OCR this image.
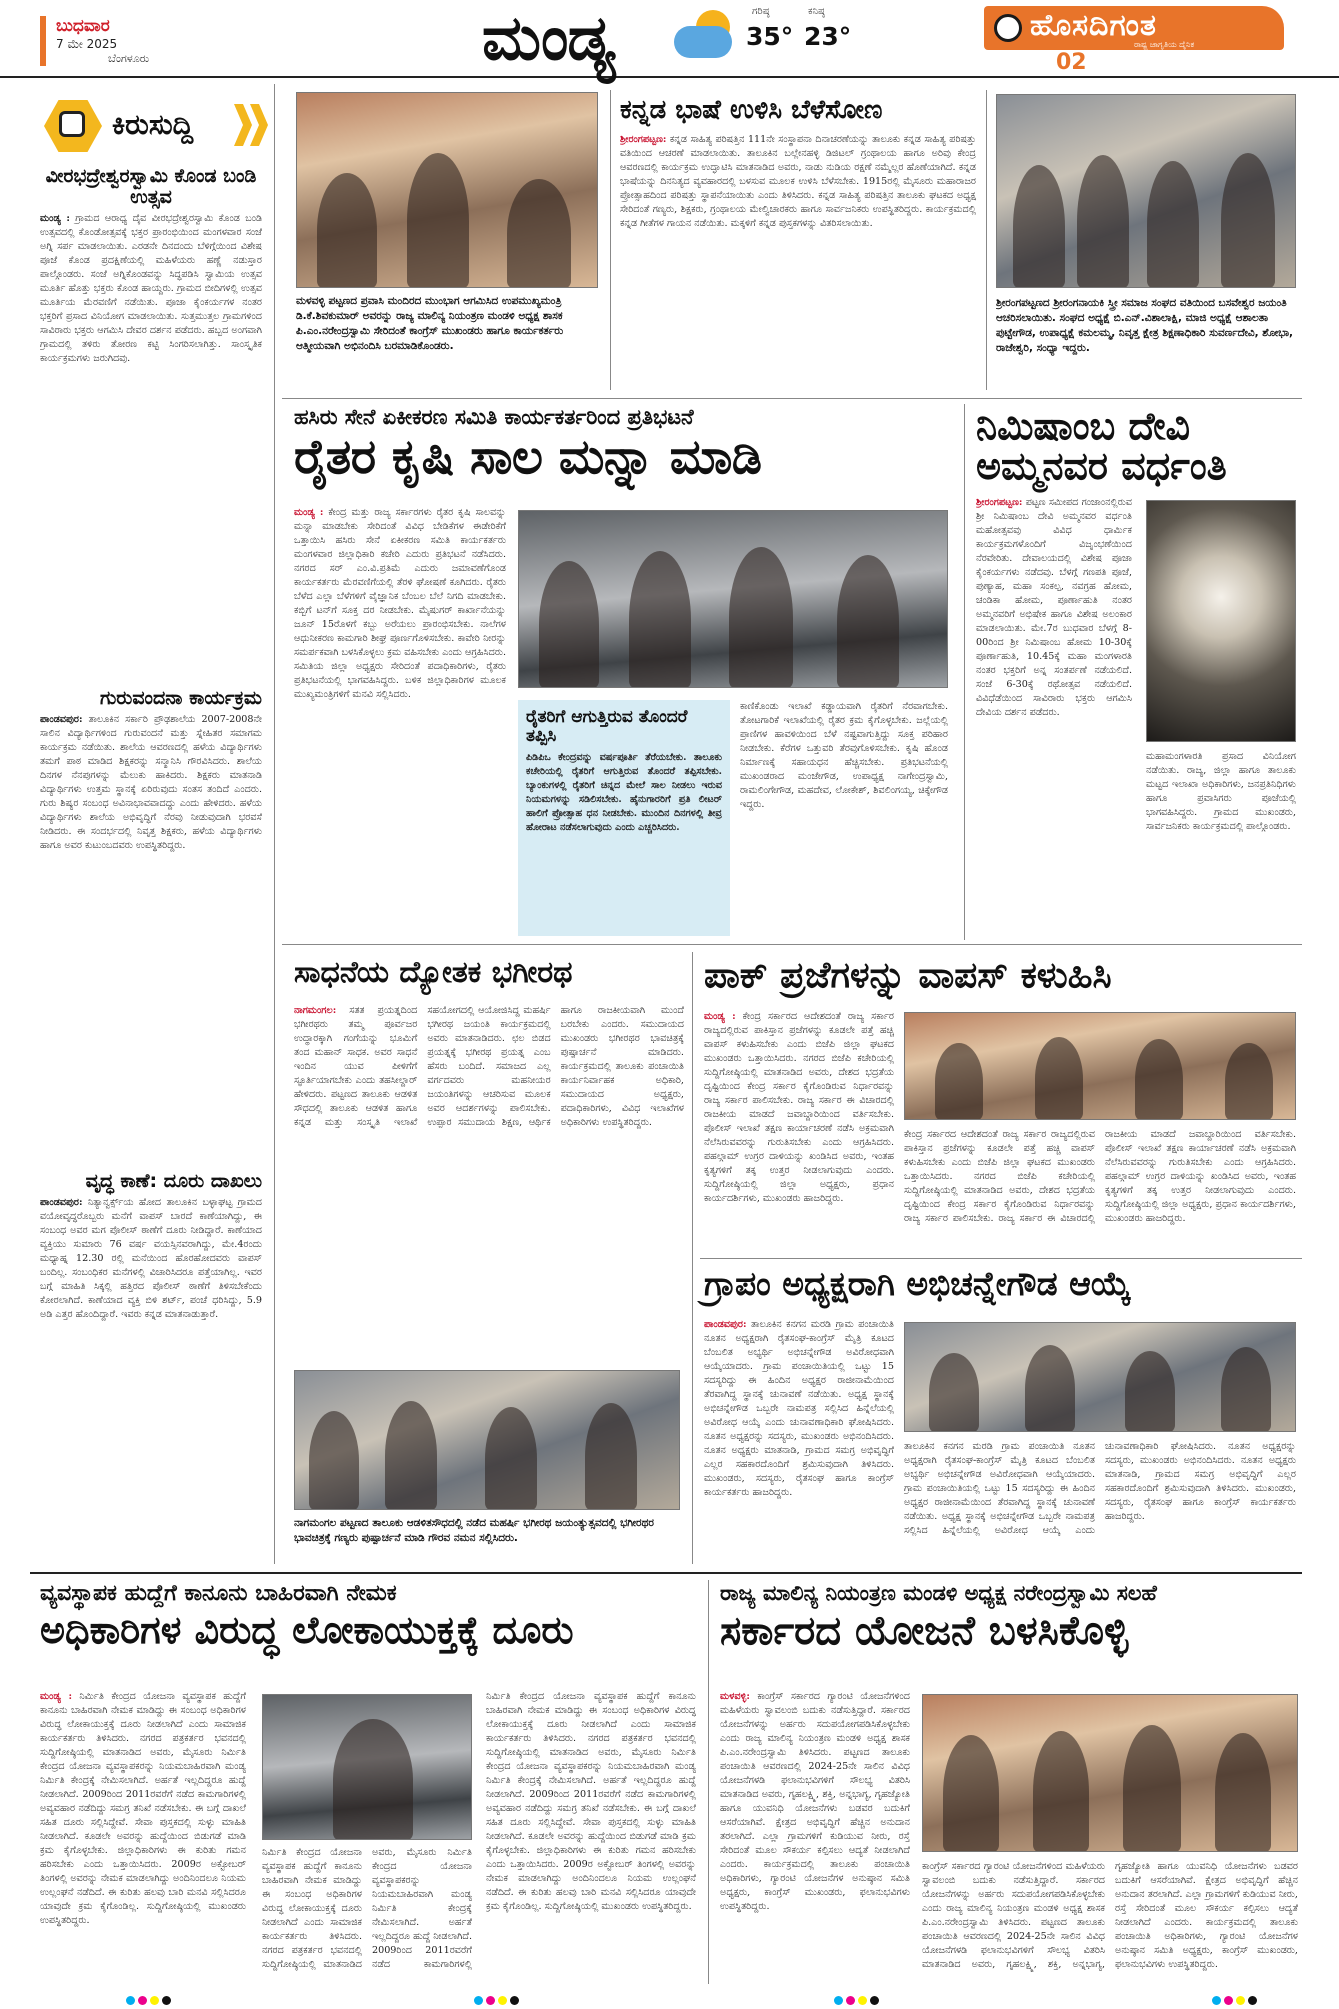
ಬುಧವಾರ
7 ಮೇ 2025
ಬೆಂಗಳೂರು	ಮಂಡ್ಯ	ಗರಿಷ್ಠ
35°
ಕನಿಷ್ಠ
23°	ಹೊಸದಿಗಂತ
ರಾಷ್ಟ್ರ ಜಾಗೃತಿಯ ದೈನಿಕ
02
ಕಿರುಸುದ್ದಿ
ವೀರಭದ್ರೇಶ್ವರಸ್ವಾಮಿ ಕೊಂಡ ಬಂಡಿ ಉತ್ಸವ
ಮಂಡ್ಯ : ಗ್ರಾಮದ ಆರಾಧ್ಯ ದೈವ ವೀರಭದ್ರೇಶ್ವರಸ್ವಾಮಿ ಕೊಂಡ ಬಂಡಿ ಉತ್ಸವದಲ್ಲಿ ಕೊಂಡೋತ್ಸವಕ್ಕೆ ಭಕ್ತರ ಪ್ರಾರಂಭಿಯಿಂದ ಮಂಗಳವಾರ ಸಂಜೆ ಅಗ್ನಿ ಸರ್ಪ ಮಾಡಲಾಯಿತು. ಎರಡನೇ ದಿನದಂದು ಬೆಳಿಗ್ಗೆಯಿಂದ ವಿಶೇಷ ಪೂಜೆ ಕೊಂಡ ಪ್ರದಕ್ಷಿಣೆಯಲ್ಲಿ ಮಹಿಳೆಯರು ಹಣ್ಣೆ ನಡುಸ್ತಾರ ಪಾಲ್ಗೊಂಡರು. ಸಂಜೆ ಅಗ್ನಿಕೊಂಡವನ್ನು ಸಿದ್ಧಪಡಿಸಿ ಸ್ವಾಮಿಯ ಉತ್ಸವ ಮೂರ್ತಿ ಹೊತ್ತು ಭಕ್ತರು ಕೊಂಡ ಹಾಯ್ದರು. ಗ್ರಾಮದ ಬೀದಿಗಳಲ್ಲಿ ಉತ್ಸವ ಮೂರ್ತಿಯ ಮೆರವಣಿಗೆ ನಡೆಯಿತು. ಪೂಜಾ ಕೈಂಕರ್ಯಗಳ ನಂತರ ಭಕ್ತರಿಗೆ ಪ್ರಸಾದ ವಿನಿಯೋಗ ಮಾಡಲಾಯಿತು. ಸುತ್ತಮುತ್ತಲ ಗ್ರಾಮಗಳಿಂದ ಸಾವಿರಾರು ಭಕ್ತರು ಆಗಮಿಸಿ ದೇವರ ದರ್ಶನ ಪಡೆದರು. ಹಬ್ಬದ ಅಂಗವಾಗಿ ಗ್ರಾಮದಲ್ಲಿ ತಳಿರು ತೋರಣ ಕಟ್ಟಿ ಸಿಂಗರಿಸಲಾಗಿತ್ತು. ಸಾಂಸ್ಕೃತಿಕ ಕಾರ್ಯಕ್ರಮಗಳು ಜರುಗಿದವು.
ಗುರುವಂದನಾ ಕಾರ್ಯಕ್ರಮ
ಪಾಂಡವಪುರ: ತಾಲೂಕಿನ ಸರ್ಕಾರಿ ಪ್ರೌಢಶಾಲೆಯ 2007-2008ನೇ ಸಾಲಿನ ವಿದ್ಯಾರ್ಥಿಗಳಿಂದ ಗುರುವಂದನೆ ಮತ್ತು ಸ್ನೇಹಿತರ ಸಮಾಗಮ ಕಾರ್ಯಕ್ರಮ ನಡೆಯಿತು. ಶಾಲೆಯ ಆವರಣದಲ್ಲಿ ಹಳೆಯ ವಿದ್ಯಾರ್ಥಿಗಳು ತಮಗೆ ಪಾಠ ಮಾಡಿದ ಶಿಕ್ಷಕರನ್ನು ಸನ್ಮಾನಿಸಿ ಗೌರವಿಸಿದರು. ಶಾಲೆಯ ದಿನಗಳ ನೆನಪುಗಳನ್ನು ಮೆಲುಕು ಹಾಕಿದರು. ಶಿಕ್ಷಕರು ಮಾತನಾಡಿ ವಿದ್ಯಾರ್ಥಿಗಳು ಉತ್ತಮ ಸ್ಥಾನಕ್ಕೆ ಏರಿರುವುದು ಸಂತಸ ತಂದಿದೆ ಎಂದರು. ಗುರು ಶಿಷ್ಯರ ಸಂಬಂಧ ಅವಿನಾಭಾವವಾದದ್ದು ಎಂದು ಹೇಳಿದರು. ಹಳೆಯ ವಿದ್ಯಾರ್ಥಿಗಳು ಶಾಲೆಯ ಅಭಿವೃದ್ಧಿಗೆ ನೆರವು ನೀಡುವುದಾಗಿ ಭರವಸೆ ನೀಡಿದರು. ಈ ಸಂದರ್ಭದಲ್ಲಿ ನಿವೃತ್ತ ಶಿಕ್ಷಕರು, ಹಳೆಯ ವಿದ್ಯಾರ್ಥಿಗಳು ಹಾಗೂ ಅವರ ಕುಟುಂಬದವರು ಉಪಸ್ಥಿತರಿದ್ದರು.
ವೃದ್ಧ ಕಾಣೆ: ದೂರು ದಾಖಲು
ಪಾಂಡವಪುರ: ನಿತ್ಯಾನ್ವರ್ಕ್ಸ್‌ಯ ಹೋದ ತಾಲೂಕಿನ ಬಳ್ಳಾಘಟ್ಟ ಗ್ರಾಮದ ವಯೋವೃದ್ಧರೊಬ್ಬರು ಮನೆಗೆ ವಾಪಸ್ ಬಾರದೆ ಕಾಣೆಯಾಗಿದ್ದು, ಈ ಸಂಬಂಧ ಅವರ ಮಗ ಪೊಲೀಸ್ ಠಾಣೆಗೆ ದೂರು ನೀಡಿದ್ದಾರೆ. ಕಾಣೆಯಾದ ವ್ಯಕ್ತಿಯು ಸುಮಾರು 76 ವರ್ಷ ವಯಸ್ಸಿನವರಾಗಿದ್ದು, ಮೇ.4ರಂದು ಮಧ್ಯಾಹ್ನ 12.30 ರಲ್ಲಿ ಮನೆಯಿಂದ ಹೊರಹೋದವರು ವಾಪಸ್ ಬಂದಿಲ್ಲ. ಸಂಬಂಧಿಕರ ಮನೆಗಳಲ್ಲಿ ವಿಚಾರಿಸಿದರೂ ಪತ್ತೆಯಾಗಿಲ್ಲ. ಇವರ ಬಗ್ಗೆ ಮಾಹಿತಿ ಸಿಕ್ಕಲ್ಲಿ ಹತ್ತಿರದ ಪೊಲೀಸ್ ಠಾಣೆಗೆ ತಿಳಿಸಬೇಕೆಂದು ಕೋರಲಾಗಿದೆ. ಕಾಣೆಯಾದ ವ್ಯಕ್ತಿ ಬಿಳಿ ಶರ್ಟ್, ಪಂಚೆ ಧರಿಸಿದ್ದು, 5.9 ಅಡಿ ಎತ್ತರ ಹೊಂದಿದ್ದಾರೆ. ಇವರು ಕನ್ನಡ ಮಾತನಾಡುತ್ತಾರೆ.
ಮಳವಳ್ಳಿ ಪಟ್ಟಣದ ಪ್ರವಾಸಿ ಮಂದಿರದ ಮುಂಭಾಗ ಆಗಮಿಸಿದ ಉಪಮುಖ್ಯಮಂತ್ರಿ ಡಿ.ಕೆ.ಶಿವಕುಮಾರ್ ಅವರನ್ನು ರಾಜ್ಯ ಮಾಲಿನ್ಯ ನಿಯಂತ್ರಣ ಮಂಡಳಿ ಅಧ್ಯಕ್ಷ ಶಾಸಕ ಪಿ.ಎಂ.ನರೇಂದ್ರಸ್ವಾಮಿ ಸೇರಿದಂತೆ ಕಾಂಗ್ರೆಸ್ ಮುಖಂಡರು ಹಾಗೂ ಕಾರ್ಯಕರ್ತರು ಆತ್ಮೀಯವಾಗಿ ಅಭಿನಂದಿಸಿ ಬರಮಾಡಿಕೊಂಡರು.
ಕನ್ನಡ ಭಾಷೆ ಉಳಿಸಿ ಬೆಳೆಸೋಣ
ಶ್ರೀರಂಗಪಟ್ಟಣ: ಕನ್ನಡ ಸಾಹಿತ್ಯ ಪರಿಷತ್ತಿನ 111ನೇ ಸಂಸ್ಥಾಪನಾ ದಿನಾಚರಣೆಯನ್ನು ತಾಲೂಕು ಕನ್ನಡ ಸಾಹಿತ್ಯ ಪರಿಷತ್ತು ವತಿಯಿಂದ ಆಚರಣೆ ಮಾಡಲಾಯಿತು. ತಾಲೂಕಿನ ಬಲ್ಲೇನಹಳ್ಳಿ ಡಿಜಿಟಲ್ ಗ್ರಂಥಾಲಯ ಹಾಗೂ ಅರಿವು ಕೇಂದ್ರ ಆವರಣದಲ್ಲಿ ಕಾರ್ಯಕ್ರಮ ಉದ್ಘಾಟಿಸಿ ಮಾತನಾಡಿದ ಅವರು, ನಾಡು ನುಡಿಯ ರಕ್ಷಣೆ ನಮ್ಮೆಲ್ಲರ ಹೊಣೆಯಾಗಿದೆ. ಕನ್ನಡ ಭಾಷೆಯನ್ನು ದಿನನಿತ್ಯದ ವ್ಯವಹಾರದಲ್ಲಿ ಬಳಸುವ ಮೂಲಕ ಉಳಿಸಿ ಬೆಳೆಸಬೇಕು. 1915ರಲ್ಲಿ ಮೈಸೂರು ಮಹಾರಾಜರ ಪ್ರೋತ್ಸಾಹದಿಂದ ಪರಿಷತ್ತು ಸ್ಥಾಪನೆಯಾಯಿತು ಎಂದು ತಿಳಿಸಿದರು. ಕನ್ನಡ ಸಾಹಿತ್ಯ ಪರಿಷತ್ತಿನ ತಾಲೂಕು ಘಟಕದ ಅಧ್ಯಕ್ಷ ಸೇರಿದಂತೆ ಗಣ್ಯರು, ಶಿಕ್ಷಕರು, ಗ್ರಂಥಾಲಯ ಮೇಲ್ವಿಚಾರಕರು ಹಾಗೂ ಸಾರ್ವಜನಿಕರು ಉಪಸ್ಥಿತರಿದ್ದರು. ಕಾರ್ಯಕ್ರಮದಲ್ಲಿ ಕನ್ನಡ ಗೀತೆಗಳ ಗಾಯನ ನಡೆಯಿತು. ಮಕ್ಕಳಿಗೆ ಕನ್ನಡ ಪುಸ್ತಕಗಳನ್ನು ವಿತರಿಸಲಾಯಿತು.
ಶ್ರೀರಂಗಪಟ್ಟಣದ ಶ್ರೀರಂಗನಾಯಕಿ ಸ್ತ್ರೀ ಸಮಾಜ ಸಂಘದ ವತಿಯಿಂದ ಬಸವೇಶ್ವರ ಜಯಂತಿ ಆಚರಿಸಲಾಯಿತು. ಸಂಘದ ಅಧ್ಯಕ್ಷೆ ಬಿ.ಎನ್.ವಿಶಾಲಾಕ್ಷಿ, ಮಾಜಿ ಅಧ್ಯಕ್ಷೆ ಆಶಾಲತಾ ಪುಟ್ಟೇಗೌಡ, ಉಪಾಧ್ಯಕ್ಷೆ ಕಮಲಮ್ಮ, ನಿವೃತ್ತ ಕ್ಷೇತ್ರ ಶಿಕ್ಷಣಾಧಿಕಾರಿ ಸುವರ್ಣದೇವಿ, ಶೋಭಾ, ರಾಜೇಶ್ವರಿ, ಸಂಧ್ಯಾ ಇದ್ದರು.
ಹಸಿರು ಸೇನೆ ಏಕೀಕರಣ ಸಮಿತಿ ಕಾರ್ಯಕರ್ತರಿಂದ ಪ್ರತಿಭಟನೆ
ರೈತರ ಕೃಷಿ ಸಾಲ ಮನ್ನಾ ಮಾಡಿ
ಮಂಡ್ಯ : ಕೇಂದ್ರ ಮತ್ತು ರಾಜ್ಯ ಸರ್ಕಾರಗಳು ರೈತರ ಕೃಷಿ ಸಾಲವನ್ನು ಮನ್ನಾ ಮಾಡಬೇಕು ಸೇರಿದಂತೆ ವಿವಿಧ ಬೇಡಿಕೆಗಳ ಈಡೇರಿಕೆಗೆ ಒತ್ತಾಯಿಸಿ ಹಸಿರು ಸೇನೆ ಏಕೀಕರಣ ಸಮಿತಿ ಕಾರ್ಯಕರ್ತರು ಮಂಗಳವಾರ ಜಿಲ್ಲಾಧಿಕಾರಿ ಕಚೇರಿ ಎದುರು ಪ್ರತಿಭಟನೆ ನಡೆಸಿದರು. ನಗರದ ಸರ್ ಎಂ.ವಿ.ಪ್ರತಿಮೆ ಎದುರು ಜಮಾವಣೆಗೊಂಡ ಕಾರ್ಯಕರ್ತರು ಮೆರವಣಿಗೆಯಲ್ಲಿ ತೆರಳಿ ಘೋಷಣೆ ಕೂಗಿದರು. ರೈತರು ಬೆಳೆದ ಎಲ್ಲಾ ಬೆಳೆಗಳಿಗೆ ವೈಜ್ಞಾನಿಕ ಬೆಂಬಲ ಬೆಲೆ ನಿಗದಿ ಮಾಡಬೇಕು. ಕಬ್ಬಿಗೆ ಟನ್‌ಗೆ ಸೂಕ್ತ ದರ ನೀಡಬೇಕು. ಮೈಷುಗರ್ ಕಾರ್ಖಾನೆಯನ್ನು ಜೂನ್ 15ರೊಳಗೆ ಕಬ್ಬು ಅರೆಯಲು ಪ್ರಾರಂಭಿಸಬೇಕು. ನಾಲೆಗಳ ಆಧುನೀಕರಣ ಕಾಮಗಾರಿ ಶೀಘ್ರ ಪೂರ್ಣಗೊಳಿಸಬೇಕು. ಕಾವೇರಿ ನೀರನ್ನು ಸಮರ್ಪಕವಾಗಿ ಬಳಸಿಕೊಳ್ಳಲು ಕ್ರಮ ವಹಿಸಬೇಕು ಎಂದು ಆಗ್ರಹಿಸಿದರು. ಸಮಿತಿಯ ಜಿಲ್ಲಾ ಅಧ್ಯಕ್ಷರು ಸೇರಿದಂತೆ ಪದಾಧಿಕಾರಿಗಳು, ರೈತರು ಪ್ರತಿಭಟನೆಯಲ್ಲಿ ಭಾಗವಹಿಸಿದ್ದರು. ಬಳಿಕ ಜಿಲ್ಲಾಧಿಕಾರಿಗಳ ಮೂಲಕ ಮುಖ್ಯಮಂತ್ರಿಗಳಿಗೆ ಮನವಿ ಸಲ್ಲಿಸಿದರು.
ರೈತರಿಗೆ ಆಗುತ್ತಿರುವ ತೊಂದರೆ ತಪ್ಪಿಸಿ
ಪಿಡಿಪಿಒ ಕೇಂದ್ರವನ್ನು ವರ್ಷಪೂರ್ತಿ ತೆರೆಯಬೇಕು. ತಾಲೂಕು ಕಚೇರಿಯಲ್ಲಿ ರೈತರಿಗೆ ಆಗುತ್ತಿರುವ ತೊಂದರೆ ತಪ್ಪಿಸಬೇಕು. ಬ್ಯಾಂಕುಗಳಲ್ಲಿ ರೈತರಿಗೆ ಚಿನ್ನದ ಮೇಲೆ ಸಾಲ ನೀಡಲು ಇರುವ ನಿಯಮಗಳನ್ನು ಸಡಿಲಿಸಬೇಕು. ಹೈನುಗಾರರಿಗೆ ಪ್ರತಿ ಲೀಟರ್ ಹಾಲಿಗೆ ಪ್ರೋತ್ಸಾಹ ಧನ ನೀಡಬೇಕು. ಮುಂದಿನ ದಿನಗಳಲ್ಲಿ ತೀವ್ರ ಹೋರಾಟ ನಡೆಸಲಾಗುವುದು ಎಂದು ಎಚ್ಚರಿಸಿದರು.
ಕಾಣಿಕೊಂಡು ಇಲಾಖೆ ಕಡ್ಡಾಯವಾಗಿ ರೈತರಿಗೆ ನೆರವಾಗಬೇಕು. ತೋಟಗಾರಿಕೆ ಇಲಾಖೆಯಲ್ಲಿ ರೈತರ ಕ್ರಮ ಕೈಗೊಳ್ಳಬೇಕು. ಜಲ್ಲೆಯಲ್ಲಿ ಪ್ರಾಣಿಗಳ ಹಾವಳಿಯಿಂದ ಬೆಳೆ ನಷ್ಟವಾಗುತ್ತಿದ್ದು ಸೂಕ್ತ ಪರಿಹಾರ ನೀಡಬೇಕು. ಕೆರೆಗಳ ಒತ್ತುವರಿ ತೆರವುಗೊಳಿಸಬೇಕು. ಕೃಷಿ ಹೊಂಡ ನಿರ್ಮಾಣಕ್ಕೆ ಸಹಾಯಧನ ಹೆಚ್ಚಿಸಬೇಕು. ಪ್ರತಿಭಟನೆಯಲ್ಲಿ ಮುಖಂಡರಾದ ಮಂಜೇಗೌಡ, ಉಪಾಧ್ಯಕ್ಷ ನಾಗೇಂದ್ರಸ್ವಾಮಿ, ರಾಮಲಿಂಗೇಗೌಡ, ಮಹದೇವ, ಲೋಕೇಶ್, ಶಿವಲಿಂಗಯ್ಯ, ಚಿಕ್ಕೇಗೌಡ ಇದ್ದರು.
ನಿಮಿಷಾಂಬ ದೇವಿ ಅಮ್ಮನವರ ವರ್ಧಂತಿ
ಶ್ರೀರಂಗಪಟ್ಟಣ: ಪಟ್ಟಣ ಸಮೀಪದ ಗಂಜಾಂನಲ್ಲಿರುವ ಶ್ರೀ ನಿಮಿಷಾಂಬ ದೇವಿ ಅಮ್ಮನವರ ವರ್ಧಂತಿ ಮಹೋತ್ಸವವು ವಿವಿಧ ಧಾರ್ಮಿಕ ಕಾರ್ಯಕ್ರಮಗಳೊಂದಿಗೆ ವಿಜೃಂಭಣೆಯಿಂದ ನೆರವೇರಿತು. ದೇವಾಲಯದಲ್ಲಿ ವಿಶೇಷ ಪೂಜಾ ಕೈಂಕರ್ಯಗಳು ನಡೆದವು. ಬೆಳಗ್ಗೆ ಗಣಪತಿ ಪೂಜೆ, ಪುಣ್ಯಾಹ, ಮಹಾ ಸಂಕಲ್ಪ, ನವಗ್ರಹ ಹೋಮ, ಚಂಡಿಕಾ ಹೋಮ, ಪೂರ್ಣಾಹುತಿ ನಂತರ ಅಮ್ಮನವರಿಗೆ ಅಭಿಷೇಕ ಹಾಗೂ ವಿಶೇಷ ಅಲಂಕಾರ ಮಾಡಲಾಯಿತು. ಮೇ.7ರ ಬುಧವಾರ ಬೆಳಗ್ಗೆ 8-00ರಿಂದ ಶ್ರೀ ನಿಮಿಷಾಂಬ ಹೋಮ 10-30ಕ್ಕೆ ಪೂರ್ಣಾಹುತಿ, 10.45ಕ್ಕೆ ಮಹಾ ಮಂಗಳಾರತಿ ನಂತರ ಭಕ್ತರಿಗೆ ಅನ್ನ ಸಂತರ್ಪಣೆ ನಡೆಯಲಿದೆ. ಸಂಜೆ 6-30ಕ್ಕೆ ರಥೋತ್ಸವ ನಡೆಯಲಿದೆ. ವಿವಿಧೆಡೆಯಿಂದ ಸಾವಿರಾರು ಭಕ್ತರು ಆಗಮಿಸಿ ದೇವಿಯ ದರ್ಶನ ಪಡೆದರು.
ಮಹಾಮಂಗಳಾರತಿ ಪ್ರಸಾದ ವಿನಿಯೋಗ ನಡೆಯಿತು. ರಾಜ್ಯ, ಜಿಲ್ಲಾ ಹಾಗೂ ತಾಲೂಕು ಮಟ್ಟದ ಇಲಾಖಾ ಅಧಿಕಾರಿಗಳು, ಜನಪ್ರತಿನಿಧಿಗಳು ಹಾಗೂ ಪ್ರವಾಸಿಗರು ಪೂಜೆಯಲ್ಲಿ ಭಾಗವಹಿಸಿದ್ದರು. ಗ್ರಾಮದ ಮುಖಂಡರು, ಸಾರ್ವಜನಿಕರು ಕಾರ್ಯಕ್ರಮದಲ್ಲಿ ಪಾಲ್ಗೊಂಡರು.
ಸಾಧನೆಯ ದ್ಯೋತಕ ಭಗೀರಥ
ನಾಗಮಂಗಲ: ಸತತ ಪ್ರಯತ್ನದಿಂದ ಭಗೀರಥರು ತಮ್ಮ ಪೂರ್ವಜರ ಉದ್ಧಾರಕ್ಕಾಗಿ ಗಂಗೆಯನ್ನು ಭೂಮಿಗೆ ತಂದ ಮಹಾನ್ ಸಾಧಕ. ಅವರ ಸಾಧನೆ ಇಂದಿನ ಯುವ ಪೀಳಿಗೆಗೆ ಸ್ಫೂರ್ತಿಯಾಗಬೇಕು ಎಂದು ತಹಸೀಲ್ದಾರ್ ಹೇಳಿದರು. ಪಟ್ಟಣದ ತಾಲೂಕು ಆಡಳಿತ ಸೌಧದಲ್ಲಿ ತಾಲೂಕು ಆಡಳಿತ ಹಾಗೂ ಕನ್ನಡ ಮತ್ತು ಸಂಸ್ಕೃತಿ ಇಲಾಖೆ ಸಹಯೋಗದಲ್ಲಿ ಆಯೋಜಿಸಿದ್ದ ಮಹರ್ಷಿ ಭಗೀರಥ ಜಯಂತಿ ಕಾರ್ಯಕ್ರಮದಲ್ಲಿ ಅವರು ಮಾತನಾಡಿದರು. ಛಲ ಬಿಡದ ಪ್ರಯತ್ನಕ್ಕೆ ಭಗೀರಥ ಪ್ರಯತ್ನ ಎಂಬ ಹೆಸರು ಬಂದಿದೆ. ಸಮಾಜದ ಎಲ್ಲ ವರ್ಗದವರು ಮಹನೀಯರ ಜಯಂತಿಗಳನ್ನು ಆಚರಿಸುವ ಮೂಲಕ ಅವರ ಆದರ್ಶಗಳನ್ನು ಪಾಲಿಸಬೇಕು. ಉಪ್ಪಾರ ಸಮುದಾಯ ಶಿಕ್ಷಣ, ಆರ್ಥಿಕ ಹಾಗೂ ರಾಜಕೀಯವಾಗಿ ಮುಂದೆ ಬರಬೇಕು ಎಂದರು. ಸಮುದಾಯದ ಮುಖಂಡರು ಭಗೀರಥರ ಭಾವಚಿತ್ರಕ್ಕೆ ಪುಷ್ಪಾರ್ಚನೆ ಮಾಡಿದರು. ಕಾರ್ಯಕ್ರಮದಲ್ಲಿ ತಾಲೂಕು ಪಂಚಾಯಿತಿ ಕಾರ್ಯನಿರ್ವಾಹಕ ಅಧಿಕಾರಿ, ಸಮುದಾಯದ ಅಧ್ಯಕ್ಷರು, ಪದಾಧಿಕಾರಿಗಳು, ವಿವಿಧ ಇಲಾಖೆಗಳ ಅಧಿಕಾರಿಗಳು ಉಪಸ್ಥಿತರಿದ್ದರು.
ನಾಗಮಂಗಲ ಪಟ್ಟಣದ ತಾಲೂಕು ಆಡಳಿತಸೌಧದಲ್ಲಿ ನಡೆದ ಮಹರ್ಷಿ ಭಗೀರಥ ಜಯಂತ್ಯುತ್ಸವದಲ್ಲಿ ಭಗೀರಥರ ಭಾವಚಿತ್ರಕ್ಕೆ ಗಣ್ಯರು ಪುಷ್ಪಾರ್ಚನೆ ಮಾಡಿ ಗೌರವ ನಮನ ಸಲ್ಲಿಸಿದರು.
ಪಾಕ್ ಪ್ರಜೆಗಳನ್ನು ವಾಪಸ್ ಕಳುಹಿಸಿ
ಮಂಡ್ಯ : ಕೇಂದ್ರ ಸರ್ಕಾರದ ಆದೇಶದಂತೆ ರಾಜ್ಯ ಸರ್ಕಾರ ರಾಜ್ಯದಲ್ಲಿರುವ ಪಾಕಿಸ್ತಾನ ಪ್ರಜೆಗಳನ್ನು ಕೂಡಲೇ ಪತ್ತೆ ಹಚ್ಚಿ ವಾಪಸ್ ಕಳುಹಿಸಬೇಕು ಎಂದು ಬಿಜೆಪಿ ಜಿಲ್ಲಾ ಘಟಕದ ಮುಖಂಡರು ಒತ್ತಾಯಿಸಿದರು. ನಗರದ ಬಿಜೆಪಿ ಕಚೇರಿಯಲ್ಲಿ ಸುದ್ದಿಗೋಷ್ಠಿಯಲ್ಲಿ ಮಾತನಾಡಿದ ಅವರು, ದೇಶದ ಭದ್ರತೆಯ ದೃಷ್ಟಿಯಿಂದ ಕೇಂದ್ರ ಸರ್ಕಾರ ಕೈಗೊಂಡಿರುವ ನಿರ್ಧಾರವನ್ನು ರಾಜ್ಯ ಸರ್ಕಾರ ಪಾಲಿಸಬೇಕು. ರಾಜ್ಯ ಸರ್ಕಾರ ಈ ವಿಚಾರದಲ್ಲಿ ರಾಜಕೀಯ ಮಾಡದೆ ಜವಾಬ್ದಾರಿಯಿಂದ ವರ್ತಿಸಬೇಕು. ಪೊಲೀಸ್ ಇಲಾಖೆ ತಕ್ಷಣ ಕಾರ್ಯಾಚರಣೆ ನಡೆಸಿ ಅಕ್ರಮವಾಗಿ ನೆಲೆಸಿರುವವರನ್ನು ಗುರುತಿಸಬೇಕು ಎಂದು ಆಗ್ರಹಿಸಿದರು. ಪಹಲ್ಗಾಮ್ ಉಗ್ರರ ದಾಳಿಯನ್ನು ಖಂಡಿಸಿದ ಅವರು, ಇಂತಹ ಕೃತ್ಯಗಳಿಗೆ ತಕ್ಕ ಉತ್ತರ ನೀಡಲಾಗುವುದು ಎಂದರು. ಸುದ್ದಿಗೋಷ್ಠಿಯಲ್ಲಿ ಜಿಲ್ಲಾ ಅಧ್ಯಕ್ಷರು, ಪ್ರಧಾನ ಕಾರ್ಯದರ್ಶಿಗಳು, ಮುಖಂಡರು ಹಾಜರಿದ್ದರು.
ಕೇಂದ್ರ ಸರ್ಕಾರದ ಆದೇಶದಂತೆ ರಾಜ್ಯ ಸರ್ಕಾರ ರಾಜ್ಯದಲ್ಲಿರುವ ಪಾಕಿಸ್ತಾನ ಪ್ರಜೆಗಳನ್ನು ಕೂಡಲೇ ಪತ್ತೆ ಹಚ್ಚಿ ವಾಪಸ್ ಕಳುಹಿಸಬೇಕು ಎಂದು ಬಿಜೆಪಿ ಜಿಲ್ಲಾ ಘಟಕದ ಮುಖಂಡರು ಒತ್ತಾಯಿಸಿದರು. ನಗರದ ಬಿಜೆಪಿ ಕಚೇರಿಯಲ್ಲಿ ಸುದ್ದಿಗೋಷ್ಠಿಯಲ್ಲಿ ಮಾತನಾಡಿದ ಅವರು, ದೇಶದ ಭದ್ರತೆಯ ದೃಷ್ಟಿಯಿಂದ ಕೇಂದ್ರ ಸರ್ಕಾರ ಕೈಗೊಂಡಿರುವ ನಿರ್ಧಾರವನ್ನು ರಾಜ್ಯ ಸರ್ಕಾರ ಪಾಲಿಸಬೇಕು. ರಾಜ್ಯ ಸರ್ಕಾರ ಈ ವಿಚಾರದಲ್ಲಿ ರಾಜಕೀಯ ಮಾಡದೆ ಜವಾಬ್ದಾರಿಯಿಂದ ವರ್ತಿಸಬೇಕು. ಪೊಲೀಸ್ ಇಲಾಖೆ ತಕ್ಷಣ ಕಾರ್ಯಾಚರಣೆ ನಡೆಸಿ ಅಕ್ರಮವಾಗಿ ನೆಲೆಸಿರುವವರನ್ನು ಗುರುತಿಸಬೇಕು ಎಂದು ಆಗ್ರಹಿಸಿದರು. ಪಹಲ್ಗಾಮ್ ಉಗ್ರರ ದಾಳಿಯನ್ನು ಖಂಡಿಸಿದ ಅವರು, ಇಂತಹ ಕೃತ್ಯಗಳಿಗೆ ತಕ್ಕ ಉತ್ತರ ನೀಡಲಾಗುವುದು ಎಂದರು. ಸುದ್ದಿಗೋಷ್ಠಿಯಲ್ಲಿ ಜಿಲ್ಲಾ ಅಧ್ಯಕ್ಷರು, ಪ್ರಧಾನ ಕಾರ್ಯದರ್ಶಿಗಳು, ಮುಖಂಡರು ಹಾಜರಿದ್ದರು.
ಗ್ರಾಪಂ ಅಧ್ಯಕ್ಷರಾಗಿ ಅಭಿಚನ್ನೇಗೌಡ ಆಯ್ಕೆ
ಪಾಂಡವಪುರ: ತಾಲೂಕಿನ ಕನಗನ ಮರಡಿ ಗ್ರಾಮ ಪಂಚಾಯಿತಿ ನೂತನ ಅಧ್ಯಕ್ಷರಾಗಿ ರೈತಸಂಘ-ಕಾಂಗ್ರೆಸ್ ಮೈತ್ರಿ ಕೂಟದ ಬೆಂಬಲಿತ ಅಭ್ಯರ್ಥಿ ಅಭಿಚನ್ನೇಗೌಡ ಅವಿರೋಧವಾಗಿ ಆಯ್ಕೆಯಾದರು. ಗ್ರಾಮ ಪಂಚಾಯಿತಿಯಲ್ಲಿ ಒಟ್ಟು 15 ಸದಸ್ಯರಿದ್ದು ಈ ಹಿಂದಿನ ಅಧ್ಯಕ್ಷರ ರಾಜೀನಾಮೆಯಿಂದ ತೆರವಾಗಿದ್ದ ಸ್ಥಾನಕ್ಕೆ ಚುನಾವಣೆ ನಡೆಯಿತು. ಅಧ್ಯಕ್ಷ ಸ್ಥಾನಕ್ಕೆ ಅಭಿಚನ್ನೇಗೌಡ ಒಬ್ಬರೇ ನಾಮಪತ್ರ ಸಲ್ಲಿಸಿದ ಹಿನ್ನೆಲೆಯಲ್ಲಿ ಅವಿರೋಧ ಆಯ್ಕೆ ಎಂದು ಚುನಾವಣಾಧಿಕಾರಿ ಘೋಷಿಸಿದರು. ನೂತನ ಅಧ್ಯಕ್ಷರನ್ನು ಸದಸ್ಯರು, ಮುಖಂಡರು ಅಭಿನಂದಿಸಿದರು. ನೂತನ ಅಧ್ಯಕ್ಷರು ಮಾತನಾಡಿ, ಗ್ರಾಮದ ಸಮಗ್ರ ಅಭಿವೃದ್ಧಿಗೆ ಎಲ್ಲರ ಸಹಕಾರದೊಂದಿಗೆ ಶ್ರಮಿಸುವುದಾಗಿ ತಿಳಿಸಿದರು. ಮುಖಂಡರು, ಸದಸ್ಯರು, ರೈತಸಂಘ ಹಾಗೂ ಕಾಂಗ್ರೆಸ್ ಕಾರ್ಯಕರ್ತರು ಹಾಜರಿದ್ದರು.
ತಾಲೂಕಿನ ಕನಗನ ಮರಡಿ ಗ್ರಾಮ ಪಂಚಾಯಿತಿ ನೂತನ ಅಧ್ಯಕ್ಷರಾಗಿ ರೈತಸಂಘ-ಕಾಂಗ್ರೆಸ್ ಮೈತ್ರಿ ಕೂಟದ ಬೆಂಬಲಿತ ಅಭ್ಯರ್ಥಿ ಅಭಿಚನ್ನೇಗೌಡ ಅವಿರೋಧವಾಗಿ ಆಯ್ಕೆಯಾದರು. ಗ್ರಾಮ ಪಂಚಾಯಿತಿಯಲ್ಲಿ ಒಟ್ಟು 15 ಸದಸ್ಯರಿದ್ದು ಈ ಹಿಂದಿನ ಅಧ್ಯಕ್ಷರ ರಾಜೀನಾಮೆಯಿಂದ ತೆರವಾಗಿದ್ದ ಸ್ಥಾನಕ್ಕೆ ಚುನಾವಣೆ ನಡೆಯಿತು. ಅಧ್ಯಕ್ಷ ಸ್ಥಾನಕ್ಕೆ ಅಭಿಚನ್ನೇಗೌಡ ಒಬ್ಬರೇ ನಾಮಪತ್ರ ಸಲ್ಲಿಸಿದ ಹಿನ್ನೆಲೆಯಲ್ಲಿ ಅವಿರೋಧ ಆಯ್ಕೆ ಎಂದು ಚುನಾವಣಾಧಿಕಾರಿ ಘೋಷಿಸಿದರು. ನೂತನ ಅಧ್ಯಕ್ಷರನ್ನು ಸದಸ್ಯರು, ಮುಖಂಡರು ಅಭಿನಂದಿಸಿದರು. ನೂತನ ಅಧ್ಯಕ್ಷರು ಮಾತನಾಡಿ, ಗ್ರಾಮದ ಸಮಗ್ರ ಅಭಿವೃದ್ಧಿಗೆ ಎಲ್ಲರ ಸಹಕಾರದೊಂದಿಗೆ ಶ್ರಮಿಸುವುದಾಗಿ ತಿಳಿಸಿದರು. ಮುಖಂಡರು, ಸದಸ್ಯರು, ರೈತಸಂಘ ಹಾಗೂ ಕಾಂಗ್ರೆಸ್ ಕಾರ್ಯಕರ್ತರು ಹಾಜರಿದ್ದರು.
ವ್ಯವಸ್ಥಾಪಕ ಹುದ್ದೆಗೆ ಕಾನೂನು ಬಾಹಿರವಾಗಿ ನೇಮಕ
ಅಧಿಕಾರಿಗಳ ವಿರುದ್ಧ ಲೋಕಾಯುಕ್ತಕ್ಕೆ ದೂರು
ಮಂಡ್ಯ : ನಿರ್ಮಿತಿ ಕೇಂದ್ರದ ಯೋಜನಾ ವ್ಯವಸ್ಥಾಪಕ ಹುದ್ದೆಗೆ ಕಾನೂನು ಬಾಹಿರವಾಗಿ ನೇಮಕ ಮಾಡಿದ್ದು ಈ ಸಂಬಂಧ ಅಧಿಕಾರಿಗಳ ವಿರುದ್ಧ ಲೋಕಾಯುಕ್ತಕ್ಕೆ ದೂರು ನೀಡಲಾಗಿದೆ ಎಂದು ಸಾಮಾಜಿಕ ಕಾರ್ಯಕರ್ತರು ತಿಳಿಸಿದರು. ನಗರದ ಪತ್ರಕರ್ತರ ಭವನದಲ್ಲಿ ಸುದ್ದಿಗೋಷ್ಠಿಯಲ್ಲಿ ಮಾತನಾಡಿದ ಅವರು, ಮೈಸೂರು ನಿರ್ಮಿತಿ ಕೇಂದ್ರದ ಯೋಜನಾ ವ್ಯವಸ್ಥಾಪಕರನ್ನು ನಿಯಮಬಾಹಿರವಾಗಿ ಮಂಡ್ಯ ನಿರ್ಮಿತಿ ಕೇಂದ್ರಕ್ಕೆ ನೇಮಿಸಲಾಗಿದೆ. ಅರ್ಹತೆ ಇಲ್ಲದಿದ್ದರೂ ಹುದ್ದೆ ನೀಡಲಾಗಿದೆ. 2009ರಿಂದ 2011ರವರೆಗೆ ನಡೆದ ಕಾಮಗಾರಿಗಳಲ್ಲಿ ಅವ್ಯವಹಾರ ನಡೆದಿದ್ದು ಸಮಗ್ರ ತನಿಖೆ ನಡೆಸಬೇಕು. ಈ ಬಗ್ಗೆ ದಾಖಲೆ ಸಹಿತ ದೂರು ಸಲ್ಲಿಸಿದ್ದೇವೆ. ಸೇವಾ ಪುಸ್ತಕದಲ್ಲಿ ಸುಳ್ಳು ಮಾಹಿತಿ ನೀಡಲಾಗಿದೆ. ಕೂಡಲೇ ಅವರನ್ನು ಹುದ್ದೆಯಿಂದ ಬಿಡುಗಡೆ ಮಾಡಿ ಕ್ರಮ ಕೈಗೊಳ್ಳಬೇಕು. ಜಿಲ್ಲಾಧಿಕಾರಿಗಳು ಈ ಕುರಿತು ಗಮನ ಹರಿಸಬೇಕು ಎಂದು ಒತ್ತಾಯಿಸಿದರು. 2009ರ ಅಕ್ಟೋಬರ್ ತಿಂಗಳಲ್ಲಿ ಅವರನ್ನು ನೇಮಕ ಮಾಡಲಾಗಿದ್ದು ಅಂದಿನಿಂದಲೂ ನಿಯಮ ಉಲ್ಲಂಘನೆ ನಡೆದಿದೆ. ಈ ಕುರಿತು ಹಲವು ಬಾರಿ ಮನವಿ ಸಲ್ಲಿಸಿದರೂ ಯಾವುದೇ ಕ್ರಮ ಕೈಗೊಂಡಿಲ್ಲ. ಸುದ್ದಿಗೋಷ್ಠಿಯಲ್ಲಿ ಮುಖಂಡರು ಉಪಸ್ಥಿತರಿದ್ದರು.
ನಿರ್ಮಿತಿ ಕೇಂದ್ರದ ಯೋಜನಾ ವ್ಯವಸ್ಥಾಪಕ ಹುದ್ದೆಗೆ ಕಾನೂನು ಬಾಹಿರವಾಗಿ ನೇಮಕ ಮಾಡಿದ್ದು ಈ ಸಂಬಂಧ ಅಧಿಕಾರಿಗಳ ವಿರುದ್ಧ ಲೋಕಾಯುಕ್ತಕ್ಕೆ ದೂರು ನೀಡಲಾಗಿದೆ ಎಂದು ಸಾಮಾಜಿಕ ಕಾರ್ಯಕರ್ತರು ತಿಳಿಸಿದರು. ನಗರದ ಪತ್ರಕರ್ತರ ಭವನದಲ್ಲಿ ಸುದ್ದಿಗೋಷ್ಠಿಯಲ್ಲಿ ಮಾತನಾಡಿದ ಅವರು, ಮೈಸೂರು ನಿರ್ಮಿತಿ ಕೇಂದ್ರದ ಯೋಜನಾ ವ್ಯವಸ್ಥಾಪಕರನ್ನು ನಿಯಮಬಾಹಿರವಾಗಿ ಮಂಡ್ಯ ನಿರ್ಮಿತಿ ಕೇಂದ್ರಕ್ಕೆ ನೇಮಿಸಲಾಗಿದೆ. ಅರ್ಹತೆ ಇಲ್ಲದಿದ್ದರೂ ಹುದ್ದೆ ನೀಡಲಾಗಿದೆ. 2009ರಿಂದ 2011ರವರೆಗೆ ನಡೆದ ಕಾಮಗಾರಿಗಳಲ್ಲಿ
ನಿರ್ಮಿತಿ ಕೇಂದ್ರದ ಯೋಜನಾ ವ್ಯವಸ್ಥಾಪಕ ಹುದ್ದೆಗೆ ಕಾನೂನು ಬಾಹಿರವಾಗಿ ನೇಮಕ ಮಾಡಿದ್ದು ಈ ಸಂಬಂಧ ಅಧಿಕಾರಿಗಳ ವಿರುದ್ಧ ಲೋಕಾಯುಕ್ತಕ್ಕೆ ದೂರು ನೀಡಲಾಗಿದೆ ಎಂದು ಸಾಮಾಜಿಕ ಕಾರ್ಯಕರ್ತರು ತಿಳಿಸಿದರು. ನಗರದ ಪತ್ರಕರ್ತರ ಭವನದಲ್ಲಿ ಸುದ್ದಿಗೋಷ್ಠಿಯಲ್ಲಿ ಮಾತನಾಡಿದ ಅವರು, ಮೈಸೂರು ನಿರ್ಮಿತಿ ಕೇಂದ್ರದ ಯೋಜನಾ ವ್ಯವಸ್ಥಾಪಕರನ್ನು ನಿಯಮಬಾಹಿರವಾಗಿ ಮಂಡ್ಯ ನಿರ್ಮಿತಿ ಕೇಂದ್ರಕ್ಕೆ ನೇಮಿಸಲಾಗಿದೆ. ಅರ್ಹತೆ ಇಲ್ಲದಿದ್ದರೂ ಹುದ್ದೆ ನೀಡಲಾಗಿದೆ. 2009ರಿಂದ 2011ರವರೆಗೆ ನಡೆದ ಕಾಮಗಾರಿಗಳಲ್ಲಿ ಅವ್ಯವಹಾರ ನಡೆದಿದ್ದು ಸಮಗ್ರ ತನಿಖೆ ನಡೆಸಬೇಕು. ಈ ಬಗ್ಗೆ ದಾಖಲೆ ಸಹಿತ ದೂರು ಸಲ್ಲಿಸಿದ್ದೇವೆ. ಸೇವಾ ಪುಸ್ತಕದಲ್ಲಿ ಸುಳ್ಳು ಮಾಹಿತಿ ನೀಡಲಾಗಿದೆ. ಕೂಡಲೇ ಅವರನ್ನು ಹುದ್ದೆಯಿಂದ ಬಿಡುಗಡೆ ಮಾಡಿ ಕ್ರಮ ಕೈಗೊಳ್ಳಬೇಕು. ಜಿಲ್ಲಾಧಿಕಾರಿಗಳು ಈ ಕುರಿತು ಗಮನ ಹರಿಸಬೇಕು ಎಂದು ಒತ್ತಾಯಿಸಿದರು. 2009ರ ಅಕ್ಟೋಬರ್ ತಿಂಗಳಲ್ಲಿ ಅವರನ್ನು ನೇಮಕ ಮಾಡಲಾಗಿದ್ದು ಅಂದಿನಿಂದಲೂ ನಿಯಮ ಉಲ್ಲಂಘನೆ ನಡೆದಿದೆ. ಈ ಕುರಿತು ಹಲವು ಬಾರಿ ಮನವಿ ಸಲ್ಲಿಸಿದರೂ ಯಾವುದೇ ಕ್ರಮ ಕೈಗೊಂಡಿಲ್ಲ. ಸುದ್ದಿಗೋಷ್ಠಿಯಲ್ಲಿ ಮುಖಂಡರು ಉಪಸ್ಥಿತರಿದ್ದರು.
ರಾಜ್ಯ ಮಾಲಿನ್ಯ ನಿಯಂತ್ರಣ ಮಂಡಳಿ ಅಧ್ಯಕ್ಷ ನರೇಂದ್ರಸ್ವಾಮಿ ಸಲಹೆ
ಸರ್ಕಾರದ ಯೋಜನೆ ಬಳಸಿಕೊಳ್ಳಿ
ಮಳವಳ್ಳಿ: ಕಾಂಗ್ರೆಸ್ ಸರ್ಕಾರದ ಗ್ಯಾರಂಟಿ ಯೋಜನೆಗಳಿಂದ ಮಹಿಳೆಯರು ಸ್ವಾವಲಂಬಿ ಬದುಕು ನಡೆಸುತ್ತಿದ್ದಾರೆ. ಸರ್ಕಾರದ ಯೋಜನೆಗಳನ್ನು ಅರ್ಹರು ಸದುಪಯೋಗಪಡಿಸಿಕೊಳ್ಳಬೇಕು ಎಂದು ರಾಜ್ಯ ಮಾಲಿನ್ಯ ನಿಯಂತ್ರಣ ಮಂಡಳಿ ಅಧ್ಯಕ್ಷ ಶಾಸಕ ಪಿ.ಎಂ.ನರೇಂದ್ರಸ್ವಾಮಿ ತಿಳಿಸಿದರು. ಪಟ್ಟಣದ ತಾಲೂಕು ಪಂಚಾಯಿತಿ ಆವರಣದಲ್ಲಿ 2024-25ನೇ ಸಾಲಿನ ವಿವಿಧ ಯೋಜನೆಗಳಡಿ ಫಲಾನುಭವಿಗಳಿಗೆ ಸೌಲಭ್ಯ ವಿತರಿಸಿ ಮಾತನಾಡಿದ ಅವರು, ಗೃಹಲಕ್ಷ್ಮಿ, ಶಕ್ತಿ, ಅನ್ನಭಾಗ್ಯ, ಗೃಹಜ್ಯೋತಿ ಹಾಗೂ ಯುವನಿಧಿ ಯೋಜನೆಗಳು ಬಡವರ ಬದುಕಿಗೆ ಆಸರೆಯಾಗಿವೆ. ಕ್ಷೇತ್ರದ ಅಭಿವೃದ್ಧಿಗೆ ಹೆಚ್ಚಿನ ಅನುದಾನ ತರಲಾಗಿದೆ. ಎಲ್ಲಾ ಗ್ರಾಮಗಳಿಗೆ ಕುಡಿಯುವ ನೀರು, ರಸ್ತೆ ಸೇರಿದಂತೆ ಮೂಲ ಸೌಕರ್ಯ ಕಲ್ಪಿಸಲು ಆದ್ಯತೆ ನೀಡಲಾಗಿದೆ ಎಂದರು. ಕಾರ್ಯಕ್ರಮದಲ್ಲಿ ತಾಲೂಕು ಪಂಚಾಯಿತಿ ಅಧಿಕಾರಿಗಳು, ಗ್ಯಾರಂಟಿ ಯೋಜನೆಗಳ ಅನುಷ್ಠಾನ ಸಮಿತಿ ಅಧ್ಯಕ್ಷರು, ಕಾಂಗ್ರೆಸ್ ಮುಖಂಡರು, ಫಲಾನುಭವಿಗಳು ಉಪಸ್ಥಿತರಿದ್ದರು.
ಕಾಂಗ್ರೆಸ್ ಸರ್ಕಾರದ ಗ್ಯಾರಂಟಿ ಯೋಜನೆಗಳಿಂದ ಮಹಿಳೆಯರು ಸ್ವಾವಲಂಬಿ ಬದುಕು ನಡೆಸುತ್ತಿದ್ದಾರೆ. ಸರ್ಕಾರದ ಯೋಜನೆಗಳನ್ನು ಅರ್ಹರು ಸದುಪಯೋಗಪಡಿಸಿಕೊಳ್ಳಬೇಕು ಎಂದು ರಾಜ್ಯ ಮಾಲಿನ್ಯ ನಿಯಂತ್ರಣ ಮಂಡಳಿ ಅಧ್ಯಕ್ಷ ಶಾಸಕ ಪಿ.ಎಂ.ನರೇಂದ್ರಸ್ವಾಮಿ ತಿಳಿಸಿದರು. ಪಟ್ಟಣದ ತಾಲೂಕು ಪಂಚಾಯಿತಿ ಆವರಣದಲ್ಲಿ 2024-25ನೇ ಸಾಲಿನ ವಿವಿಧ ಯೋಜನೆಗಳಡಿ ಫಲಾನುಭವಿಗಳಿಗೆ ಸೌಲಭ್ಯ ವಿತರಿಸಿ ಮಾತನಾಡಿದ ಅವರು, ಗೃಹಲಕ್ಷ್ಮಿ, ಶಕ್ತಿ, ಅನ್ನಭಾಗ್ಯ, ಗೃಹಜ್ಯೋತಿ ಹಾಗೂ ಯುವನಿಧಿ ಯೋಜನೆಗಳು ಬಡವರ ಬದುಕಿಗೆ ಆಸರೆಯಾಗಿವೆ. ಕ್ಷೇತ್ರದ ಅಭಿವೃದ್ಧಿಗೆ ಹೆಚ್ಚಿನ ಅನುದಾನ ತರಲಾಗಿದೆ. ಎಲ್ಲಾ ಗ್ರಾಮಗಳಿಗೆ ಕುಡಿಯುವ ನೀರು, ರಸ್ತೆ ಸೇರಿದಂತೆ ಮೂಲ ಸೌಕರ್ಯ ಕಲ್ಪಿಸಲು ಆದ್ಯತೆ ನೀಡಲಾಗಿದೆ ಎಂದರು. ಕಾರ್ಯಕ್ರಮದಲ್ಲಿ ತಾಲೂಕು ಪಂಚಾಯಿತಿ ಅಧಿಕಾರಿಗಳು, ಗ್ಯಾರಂಟಿ ಯೋಜನೆಗಳ ಅನುಷ್ಠಾನ ಸಮಿತಿ ಅಧ್ಯಕ್ಷರು, ಕಾಂಗ್ರೆಸ್ ಮುಖಂಡರು, ಫಲಾನುಭವಿಗಳು ಉಪಸ್ಥಿತರಿದ್ದರು.
